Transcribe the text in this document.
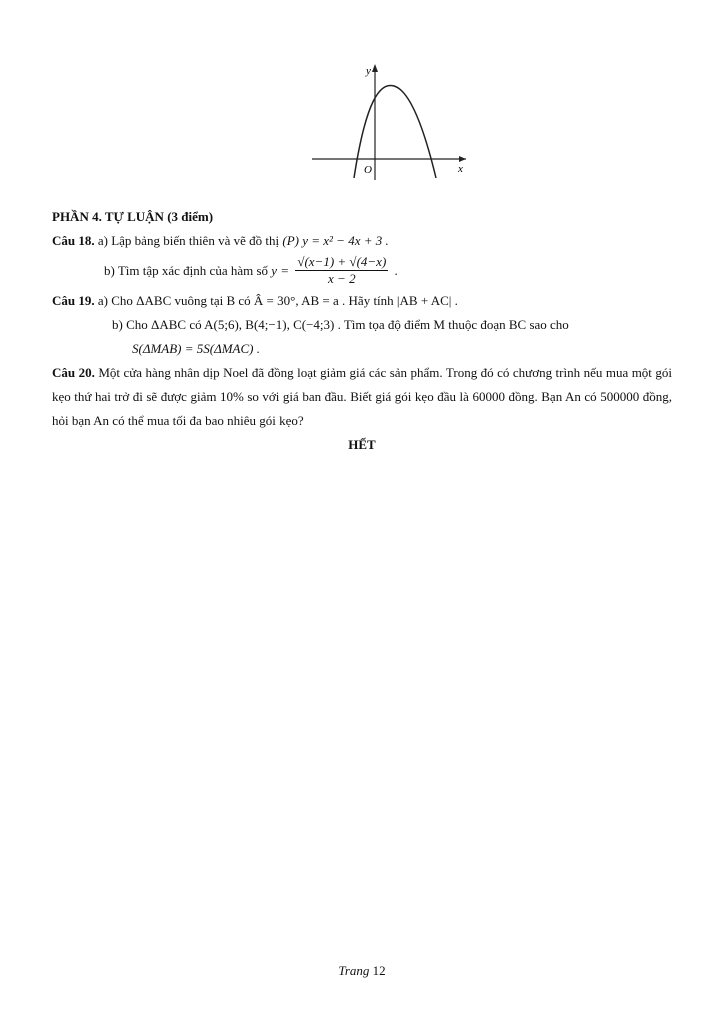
y
x
O
PHẦN 4. TỰ LUẬN (3 điểm)
Câu 18. a) Lập bảng biến thiên và vẽ đồ thị (P) y = x² − 4x + 3 .
b) Tìm tập xác định của hàm số $y = \frac{√(x-1) + √(4-x)}{x - 2}$ .
Câu 19. a) Cho ΔABC vuông tại B có Â = 30°, AB = a . Hãy tính |AB + AC| .
b) Cho ΔABC có A(5;6), B(4;−1), C(−4;3) . Tìm tọa độ điểm M thuộc đoạn BC sao cho
S(ΔMAB) = 5S(ΔMAC) .
Câu 20. Một cửa hàng nhân dịp Noel đã đồng loạt giảm giá các sản phẩm. Trong đó có chương trình nếu mua một gói kẹo thứ hai trở đi sẽ được giảm 10% so với giá ban đầu. Biết giá gói kẹo đầu là 60000 đồng. Bạn An có 500000 đồng, hỏi bạn An có thể mua tối đa bao nhiêu gói kẹo?
HẾT
Trang 12
